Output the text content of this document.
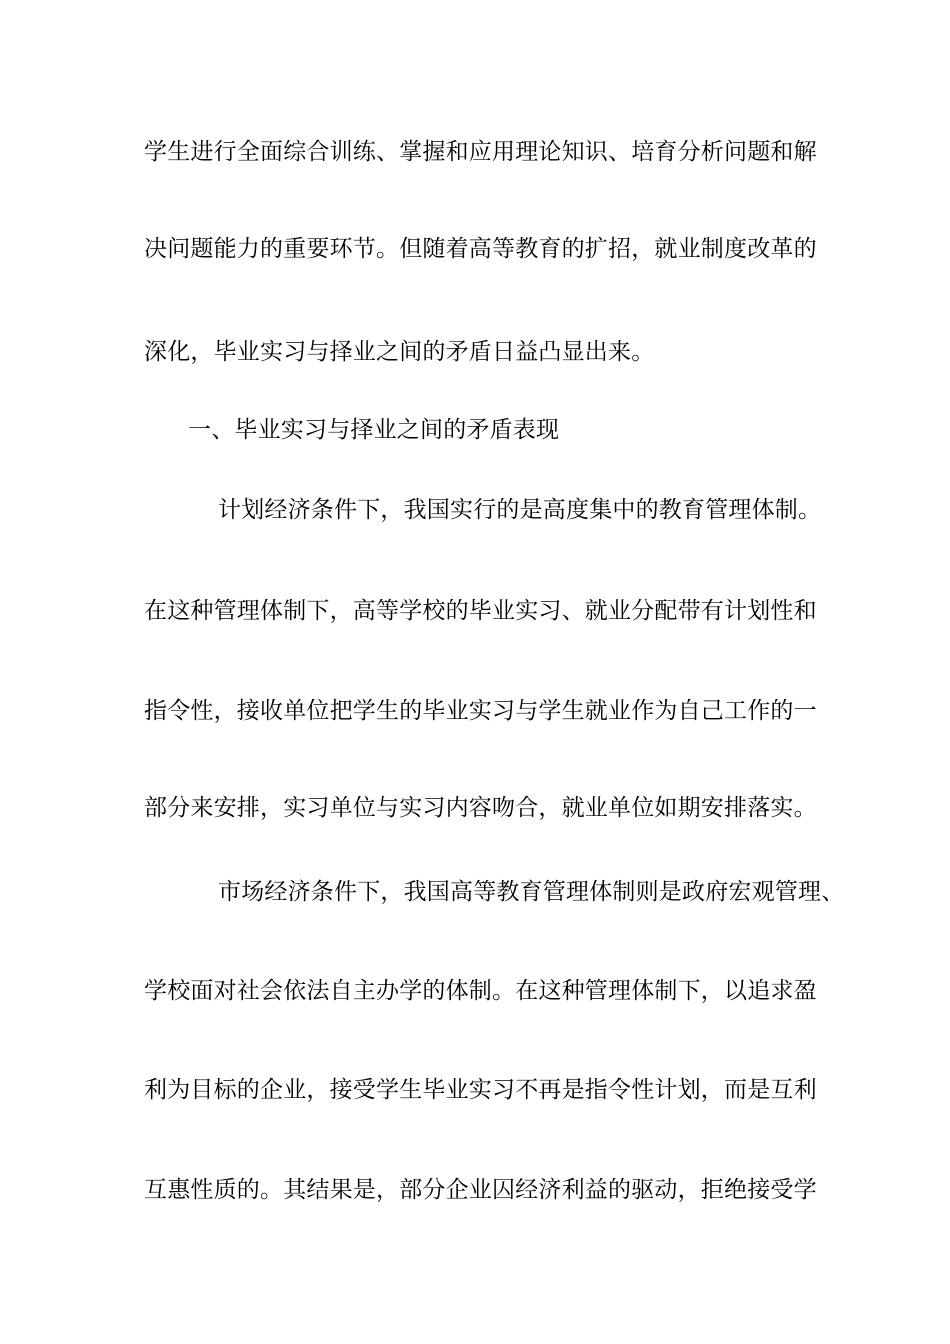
学生进行全面综合训练、掌握和应用理论知识、培育分析问题和解
决问题能力的重要环节。但随着高等教育的扩招，就业制度改革的
深化，毕业实习与择业之间的矛盾日益凸显出来。
一、毕业实习与择业之间的矛盾表现
计划经济条件下，我国实行的是高度集中的教育管理体制。
在这种管理体制下，高等学校的毕业实习、就业分配带有计划性和
指令性，接收单位把学生的毕业实习与学生就业作为自己工作的一
部分来安排，实习单位与实习内容吻合，就业单位如期安排落实。
市场经济条件下，我国高等教育管理体制则是政府宏观管理、
学校面对社会依法自主办学的体制。在这种管理体制下，以追求盈
利为目标的企业，接受学生毕业实习不再是指令性计划，而是互利
互惠性质的。其结果是，部分企业囚经济利益的驱动，拒绝接受学
